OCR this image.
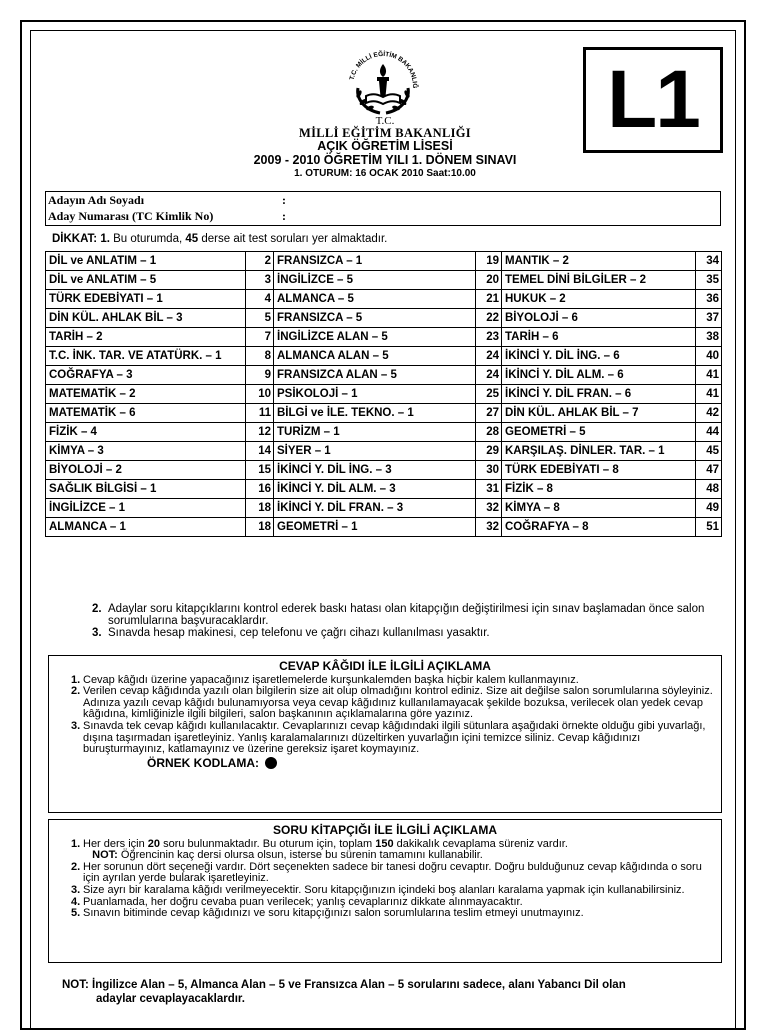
T.C. MİLLİ EĞİTİM BAKANLIĞ L1
T.C.
MİLLİ EĞİTİM BAKANLIĞI
AÇIK ÖĞRETİM LİSESİ
2009 - 2010 ÖĞRETİM YILI 1. DÖNEM SINAVI
1. OTURUM: 16 OCAK 2010 Saat:10.00
Adayın Adı Soyadı	:
Aday Numarası (TC Kimlik No)	:
DİKKAT: 1. Bu oturumda, 45 derse ait test soruları yer almaktadır.
DİL ve ANLATIM – 1	2	FRANSIZCA – 1	19	MANTIK – 2	34
DİL ve ANLATIM – 5	3	İNGİLİZCE – 5	20	TEMEL DİNİ BİLGİLER – 2	35
TÜRK EDEBİYATI – 1	4	ALMANCA – 5	21	HUKUK – 2	36
DİN KÜL. AHLAK BİL – 3	5	FRANSIZCA – 5	22	BİYOLOJİ – 6	37
TARİH – 2	7	İNGİLİZCE ALAN – 5	23	TARİH – 6	38
T.C. İNK. TAR. VE ATATÜRK. – 1	8	ALMANCA ALAN – 5	24	İKİNCİ Y. DİL İNG. – 6	40
COĞRAFYA – 3	9	FRANSIZCA ALAN – 5	24	İKİNCİ Y. DİL ALM. – 6	41
MATEMATİK – 2	10	PSİKOLOJİ – 1	25	İKİNCİ Y. DİL FRAN. – 6	41
MATEMATİK – 6	11	BİLGİ ve İLE. TEKNO. – 1	27	DİN KÜL. AHLAK BİL – 7	42
FİZİK – 4	12	TURİZM – 1	28	GEOMETRİ – 5	44
KİMYA – 3	14	SİYER – 1	29	KARŞILAŞ. DİNLER. TAR. – 1	45
BİYOLOJİ – 2	15	İKİNCİ Y. DİL İNG. – 3	30	TÜRK EDEBİYATI – 8	47
SAĞLIK BİLGİSİ – 1	16	İKİNCİ Y. DİL ALM. – 3	31	FİZİK – 8	48
İNGİLİZCE – 1	18	İKİNCİ Y. DİL FRAN. – 3	32	KİMYA – 8	49
ALMANCA – 1	18	GEOMETRİ – 1	32	COĞRAFYA – 8	51
2. Adaylar soru kitapçıklarını kontrol ederek baskı hatası olan kitapçığın değiştirilmesi için sınav başlamadan önce salon sorumlularına başvuracaklardır.
3. Sınavda hesap makinesi, cep telefonu ve çağrı cihazı kullanılması yasaktır.
CEVAP KÂĞIDI İLE İLGİLİ AÇIKLAMA
1. Cevap kâğıdı üzerine yapacağınız işaretlemelerde kurşunkalemden başka hiçbir kalem kullanmayınız.
2. Verilen cevap kâğıdında yazılı olan bilgilerin size ait olup olmadığını kontrol ediniz. Size ait değilse salon sorumlularına söyleyiniz. Adınıza yazılı cevap kâğıdı bulunamıyorsa veya cevap kâğıdınız kullanılamayacak şekilde bozuksa, verilecek olan yedek cevap kâğıdına, kimliğinizle ilgili bilgileri, salon başkanının açıklamalarına göre yazınız.
3. Sınavda tek cevap kâğıdı kullanılacaktır. Cevaplarınızı cevap kâğıdındaki ilgili sütunlara aşağıdaki örnekte olduğu gibi yuvarlağı, dışına taşırmadan işaretleyiniz. Yanlış karalamalarınızı düzeltirken yuvarlağın içini temizce siliniz. Cevap kâğıdınızı buruşturmayınız, katlamayınız ve üzerine gereksiz işaret koymayınız.
ÖRNEK KODLAMA:
SORU KİTAPÇIĞI İLE İLGİLİ AÇIKLAMA
1. Her ders için 20 soru bulunmaktadır. Bu oturum için, toplam 150 dakikalık cevaplama süreniz vardır.
NOT: Öğrencinin kaç dersi olursa olsun, isterse bu sürenin tamamını kullanabilir.
2. Her sorunun dört seçeneği vardır. Dört seçenekten sadece bir tanesi doğru cevaptır. Doğru bulduğunuz cevap kâğıdında o soru için ayrılan yerde bularak işaretleyiniz.
3. Size ayrı bir karalama kâğıdı verilmeyecektir. Soru kitapçığınızın içindeki boş alanları karalama yapmak için kullanabilirsiniz.
4. Puanlamada, her doğru cevaba puan verilecek; yanlış cevaplarınız dikkate alınmayacaktır.
5. Sınavın bitiminde cevap kâğıdınızı ve soru kitapçığınızı salon sorumlularına teslim etmeyi unutmayınız.
NOT: İngilizce Alan – 5, Almanca Alan – 5 ve Fransızca Alan – 5 sorularını sadece, alanı Yabancı Dil olan
adaylar cevaplayacaklardır.
